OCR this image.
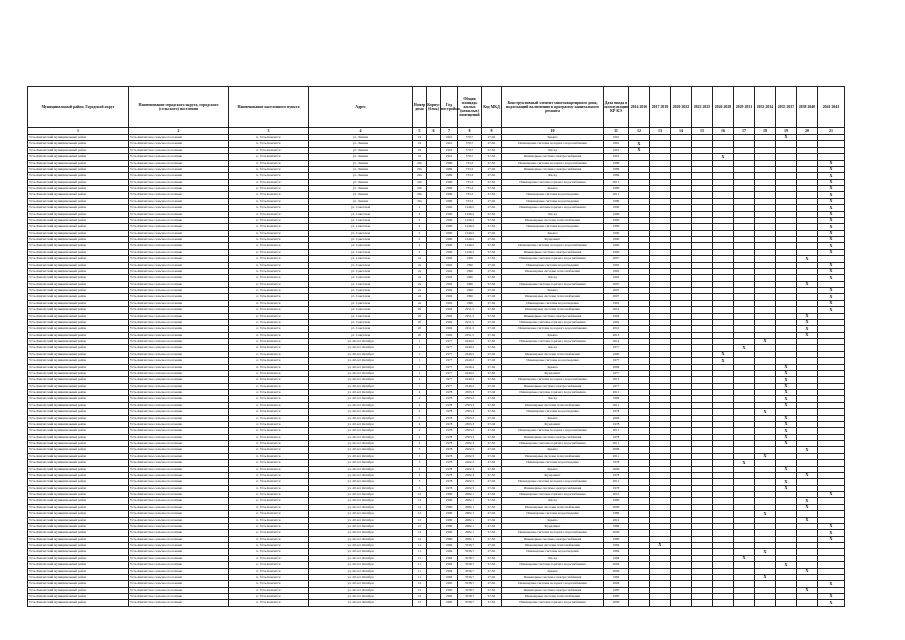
Муниципальный район, Городской округ	Наименование городского округа, городского (сельского) поселения	Наименование населенного пункта	Адрес	Номер дома	Корпус (блок)	Год постройки	Общая площадь жилых (нежилых) помещений	Код МКД	Конструктивный элемент многоквартирного дома, подлежащий включению в программу капитального ремонта	Дата ввода в эксплуатацию КР КЭ	2014 2016	2017 2019	2020 2022	2023 2025	2026 2028	2029 2031	2032 2034	2035 2037	2038 2040	2041 2043
1	2	3	4	5	6	7	8	9	10	11	12	13	14	15	16	17	18	19	20	21
Усть-Камчатский муниципальный район	Усть-Камчатское сельское поселение	п. Усть-Камчатск	ул. Ленина	19		1961	578,7	27-62	Крыша	1961								X		
Усть-Камчатский муниципальный район	Усть-Камчатское сельское поселение	п. Усть-Камчатск	ул. Ленина	19		1961	578,7	27-62	Инженерные системы холодного водоснабжения	1961	X									
Усть-Камчатский муниципальный район	Усть-Камчатское сельское поселение	п. Усть-Камчатск	ул. Ленина	19		1961	578,7	27-62	Фасад	1961	X									
Усть-Камчатский муниципальный район	Усть-Камчатское сельское поселение	п. Усть-Камчатск	ул. Ленина	19		1961	578,7	27-62	Инженерные системы электроснабжения	1961					X					
Усть-Камчатский муниципальный район	Усть-Камчатское сельское поселение	п. Усть-Камчатск	ул. Ленина	20а		1989	733,3	27-62	Инженерные системы холодного водоснабжения	1989										X
Усть-Камчатский муниципальный район	Усть-Камчатское сельское поселение	п. Усть-Камчатск	ул. Ленина	20а		1989	733,3	27-62	Инженерные системы электроснабжения	1989										X
Усть-Камчатский муниципальный район	Усть-Камчатское сельское поселение	п. Усть-Камчатск	ул. Ленина	20а		1989	733,3	27-62	Фасад	1989										X
Усть-Камчатский муниципальный район	Усть-Камчатское сельское поселение	п. Усть-Камчатск	ул. Ленина	20а		1989	733,3	27-62	Инженерные системы горячего водоснабжения	2011										X
Усть-Камчатский муниципальный район	Усть-Камчатское сельское поселение	п. Усть-Камчатск	ул. Ленина	20а		1989	733,3	27-62	Крыша	1989										X
Усть-Камчатский муниципальный район	Усть-Камчатское сельское поселение	п. Усть-Камчатск	ул. Ленина	20а		1989	733,3	27-62	Инженерные системы водоотведения	2011										X
Усть-Камчатский муниципальный район	Усть-Камчатское сельское поселение	п. Усть-Камчатск	ул. Ленина	20а		1989	733,3	27-62	Инженерные системы водоотведения	1989										X
Усть-Камчатский муниципальный район	Усть-Камчатское сельское поселение	п. Усть-Камчатск	ул. Советская	2		1990	1246,2	27-62	Инженерные системы горячего водоснабжения	1990										X
Усть-Камчатский муниципальный район	Усть-Камчатское сельское поселение	п. Усть-Камчатск	ул. Советская	2		1990	1246,2	27-62	Фасад	1990										X
Усть-Камчатский муниципальный район	Усть-Камчатское сельское поселение	п. Усть-Камчатск	ул. Советская	2		1990	1246,2	27-62	Инженерные системы теплоснабжения	1990										X
Усть-Камчатский муниципальный район	Усть-Камчатское сельское поселение	п. Усть-Камчатск	ул. Советская	2		1990	1246,2	27-62	Инженерные системы водоотведения	1990										X
Усть-Камчатский муниципальный район	Усть-Камчатское сельское поселение	п. Усть-Камчатск	ул. Советская	2		1990	1246,2	27-62	Крыша	1990										X
Усть-Камчатский муниципальный район	Усть-Камчатское сельское поселение	п. Усть-Камчатск	ул. Советская	2		1990	1246,2	27-62	Фундамент	1990										X
Усть-Камчатский муниципальный район	Усть-Камчатское сельское поселение	п. Усть-Камчатск	ул. Советская	2		1990	1246,2	27-62	Инженерные системы холодного водоснабжения	1990										X
Усть-Камчатский муниципальный район	Усть-Камчатское сельское поселение	п. Усть-Камчатск	ул. Советская	2		1990	1246,2	27-62	Инженерные системы электроснабжения	1990										X
Усть-Камчатский муниципальный район	Усть-Камчатское сельское поселение	п. Усть-Камчатск	ул. Советская	2а		1992	1396	27-62	Инженерные системы горячего водоснабжения	2007									X	
Усть-Камчатский муниципальный район	Усть-Камчатское сельское поселение	п. Усть-Камчатск	ул. Советская	2а		1992	1396	27-62	Инженерные системы водоотведения	1992										X
Усть-Камчатский муниципальный район	Усть-Камчатское сельское поселение	п. Усть-Камчатск	ул. Советская	2а		1992	1396	27-62	Инженерные системы теплоснабжения	1992										X
Усть-Камчатский муниципальный район	Усть-Камчатское сельское поселение	п. Усть-Камчатск	ул. Советская	2а		1992	1396	27-62	Фасад	1992										X
Усть-Камчатский муниципальный район	Усть-Камчатское сельское поселение	п. Усть-Камчатск	ул. Советская	2а		1992	1396	27-62	Инженерные системы горячего водоснабжения	2007									X	
Усть-Камчатский муниципальный район	Усть-Камчатское сельское поселение	п. Усть-Камчатск	ул. Советская	2а		1992	1396	27-62	Крыша	2007										X
Усть-Камчатский муниципальный район	Усть-Камчатское сельское поселение	п. Усть-Камчатск	ул. Советская	2а		1992	1396	27-62	Инженерные системы теплоснабжения	2007										X
Усть-Камчатский муниципальный район	Усть-Камчатское сельское поселение	п. Усть-Камчатск	ул. Советская	2а		1992	1396	27-62	Инженерные системы водоотведения	1992										X
Усть-Камчатский муниципальный район	Усть-Камчатское сельское поселение	п. Усть-Камчатск	ул. Советская	2б		1992	2251,5	27-62	Инженерные системы теплоснабжения	2010										X
Усть-Камчатский муниципальный район	Усть-Камчатское сельское поселение	п. Усть-Камчатск	ул. Советская	2б		1992	2251,5	27-62	Инженерные системы электроснабжения	1992									X	
Усть-Камчатский муниципальный район	Усть-Камчатское сельское поселение	п. Усть-Камчатск	ул. Советская	2б		1992	2251,5	27-62	Инженерные системы горячего водоснабжения	1992									X	
Усть-Камчатский муниципальный район	Усть-Камчатское сельское поселение	п. Усть-Камчатск	ул. Советская	2б		1992	2251,5	27-62	Инженерные системы холодного водоснабжения	2010									X	
Усть-Камчатский муниципальный район	Усть-Камчатское сельское поселение	п. Усть-Камчатск	ул. Советская	2б		1992	2251,5	27-62	Крыша	2013									X	
Усть-Камчатский муниципальный район	Усть-Камчатское сельское поселение	п. Усть-Камчатск	ул. 40 лет Октября	1		1977	2240,2	27-62	Инженерные системы горячего водоснабжения	2012							X			
Усть-Камчатский муниципальный район	Усть-Камчатское сельское поселение	п. Усть-Камчатск	ул. 40 лет Октября	1		1977	2240,2	27-62	Фасад	1977						X				
Усть-Камчатский муниципальный район	Усть-Камчатское сельское поселение	п. Усть-Камчатск	ул. 40 лет Октября	1		1977	2240,2	27-62	Инженерные системы теплоснабжения	1990					X					
Усть-Камчатский муниципальный район	Усть-Камчатское сельское поселение	п. Усть-Камчатск	ул. 40 лет Октября	1		1977	2240,2	27-62	Инженерные системы водоотведения	1977					X					
Усть-Камчатский муниципальный район	Усть-Камчатское сельское поселение	п. Усть-Камчатск	ул. 40 лет Октября	1		1977	2240,2	27-62	Крыша	2006								X		
Усть-Камчатский муниципальный район	Усть-Камчатское сельское поселение	п. Усть-Камчатск	ул. 40 лет Октября	1		1977	2240,2	27-62	Фундамент	1977								X		
Усть-Камчатский муниципальный район	Усть-Камчатское сельское поселение	п. Усть-Камчатск	ул. 40 лет Октября	1		1977	2240,2	27-62	Инженерные системы холодного водоснабжения	2013								X		
Усть-Камчатский муниципальный район	Усть-Камчатское сельское поселение	п. Усть-Камчатск	ул. 40 лет Октября	1		1977	2240,2	27-62	Инженерные системы электроснабжения	1977								X		
Усть-Камчатский муниципальный район	Усть-Камчатское сельское поселение	п. Усть-Камчатск	ул. 40 лет Октября	2		1978	2303,3	27-62	Инженерные системы горячего водоснабжения	2011								X		
Усть-Камчатский муниципальный район	Усть-Камчатское сельское поселение	п. Усть-Камчатск	ул. 40 лет Октября	2		1978	2303,3	27-62	Фасад	1999								X		
Усть-Камчатский муниципальный район	Усть-Камчатское сельское поселение	п. Усть-Камчатск	ул. 40 лет Октября	2		1978	2303,3	27-62	Инженерные системы теплоснабжения	2011								X		
Усть-Камчатский муниципальный район	Усть-Камчатское сельское поселение	п. Усть-Камчатск	ул. 40 лет Октября	2		1978	2303,3	27-62	Инженерные системы водоотведения	1978							X			
Усть-Камчатский муниципальный район	Усть-Камчатское сельское поселение	п. Усть-Камчатск	ул. 40 лет Октября	2		1978	2303,3	27-62	Крыша	2006								X		
Усть-Камчатский муниципальный район	Усть-Камчатское сельское поселение	п. Усть-Камчатск	ул. 40 лет Октября	2		1978	2303,3	27-62	Фундамент	1978								X		
Усть-Камчатский муниципальный район	Усть-Камчатское сельское поселение	п. Усть-Камчатск	ул. 40 лет Октября	2		1978	2303,3	27-62	Инженерные системы холодного водоснабжения	2011								X		
Усть-Камчатский муниципальный район	Усть-Камчатское сельское поселение	п. Усть-Камчатск	ул. 40 лет Октября	2		1978	2303,3	27-62	Инженерные системы электроснабжения	1978								X		
Усть-Камчатский муниципальный район	Усть-Камчатское сельское поселение	п. Усть-Камчатск	ул. 40 лет Октября	3		1978	2202,3	27-62	Инженерные системы горячего водоснабжения	2011								X		
Усть-Камчатский муниципальный район	Усть-Камчатское сельское поселение	п. Усть-Камчатск	ул. 40 лет Октября	3		1978	2202,3	27-62	Крыша	2006									X	
Усть-Камчатский муниципальный район	Усть-Камчатское сельское поселение	п. Усть-Камчатск	ул. 40 лет Октября	3		1978	2202,3	27-62	Инженерные системы теплоснабжения	2011							X			
Усть-Камчатский муниципальный район	Усть-Камчатское сельское поселение	п. Усть-Камчатск	ул. 40 лет Октября	3		1978	2202,3	27-62	Инженерные системы водоотведения	1978						X				
Усть-Камчатский муниципальный район	Усть-Камчатское сельское поселение	п. Усть-Камчатск	ул. 40 лет Октября	3		1978	2202,3	27-62	Крыша	2006								X		
Усть-Камчатский муниципальный район	Усть-Камчатское сельское поселение	п. Усть-Камчатск	ул. 40 лет Октября	3		1978	2202,3	27-62	Фундамент	1978									X	
Усть-Камчатский муниципальный район	Усть-Камчатское сельское поселение	п. Усть-Камчатск	ул. 40 лет Октября	3		1978	2202,3	27-62	Инженерные системы холодного водоснабжения	2011								X		
Усть-Камчатский муниципальный район	Усть-Камчатское сельское поселение	п. Усть-Камчатск	ул. 40 лет Октября	3		1978	2202,3	27-62	Инженерные системы электроснабжения	1978								X		
Усть-Камчатский муниципальный район	Усть-Камчатское сельское поселение	п. Усть-Камчатск	ул. 40 лет Октября	12		1980	2682,1	27-62	Инженерные системы горячего водоснабжения	2010										X
Усть-Камчатский муниципальный район	Усть-Камчатское сельское поселение	п. Усть-Камчатск	ул. 40 лет Октября	12		1980	2682,1	27-62	Фасад	1980									X	
Усть-Камчатский муниципальный район	Усть-Камчатское сельское поселение	п. Усть-Камчатск	ул. 40 лет Октября	12		1980	2682,1	27-62	Инженерные системы теплоснабжения	2009									X	
Усть-Камчатский муниципальный район	Усть-Камчатское сельское поселение	п. Усть-Камчатск	ул. 40 лет Октября	12		1980	2682,1	27-62	Инженерные системы водоотведения	1980							X			
Усть-Камчатский муниципальный район	Усть-Камчатское сельское поселение	п. Усть-Камчатск	ул. 40 лет Октября	12		1980	2682,1	27-62	Крыша	2012									X	
Усть-Камчатский муниципальный район	Усть-Камчатское сельское поселение	п. Усть-Камчатск	ул. 40 лет Октября	12		1980	2682,1	27-62	Фундамент	1980										X
Усть-Камчатский муниципальный район	Усть-Камчатское сельское поселение	п. Усть-Камчатск	ул. 40 лет Октября	12		1980	2682,1	27-62	Инженерные системы холодного водоснабжения	2009										X
Усть-Камчатский муниципальный район	Усть-Камчатское сельское поселение	п. Усть-Камчатск	ул. 40 лет Октября	12		1980	2682,1	27-62	Инженерные системы электроснабжения	1980										X
Усть-Камчатский муниципальный район	Усть-Камчатское сельское поселение	п. Усть-Камчатск	ул. 40 лет Октября	11		1984	3536,7	27-62	Инженерные системы теплоснабжения	1984		X								
Усть-Камчатский муниципальный район	Усть-Камчатское сельское поселение	п. Усть-Камчатск	ул. 40 лет Октября	11		1984	3536,7	27-62	Инженерные системы водоотведения	1984							X			
Усть-Камчатский муниципальный район	Усть-Камчатское сельское поселение	п. Усть-Камчатск	ул. 40 лет Октября	11		1984	3536,7	27-62	Фасад	1984						X				
Усть-Камчатский муниципальный район	Усть-Камчатское сельское поселение	п. Усть-Камчатск	ул. 40 лет Октября	11		1984	3536,7	27-62	Инженерные системы горячего водоснабжения	2006								X		
Усть-Камчатский муниципальный район	Усть-Камчатское сельское поселение	п. Усть-Камчатск	ул. 40 лет Октября	11		1984	3536,7	27-62	Крыша	2006									X	
Усть-Камчатский муниципальный район	Усть-Камчатское сельское поселение	п. Усть-Камчатск	ул. 40 лет Октября	11		1984	3536,7	27-62	Инженерные системы электроснабжения	1984							X			
Усть-Камчатский муниципальный район	Усть-Камчатское сельское поселение	п. Усть-Камчатск	ул. 40 лет Октября	12		1985	3538,7	27-62	Инженерные системы холодного водоснабжения	2006										X
Усть-Камчатский муниципальный район	Усть-Камчатское сельское поселение	п. Усть-Камчатск	ул. 40 лет Октября	12		1985	3538,7	27-62	Инженерные системы электроснабжения	1985									X	
Усть-Камчатский муниципальный район	Усть-Камчатское сельское поселение	п. Усть-Камчатск	ул. 40 лет Октября	12		1985	3538,7	27-62	Инженерные системы теплоснабжения	1985										X
Усть-Камчатский муниципальный район	Усть-Камчатское сельское поселение	п. Усть-Камчатск	ул. 40 лет Октября	12		1985	3538,7	27-62	Инженерные системы горячего водоснабжения	2006										X
